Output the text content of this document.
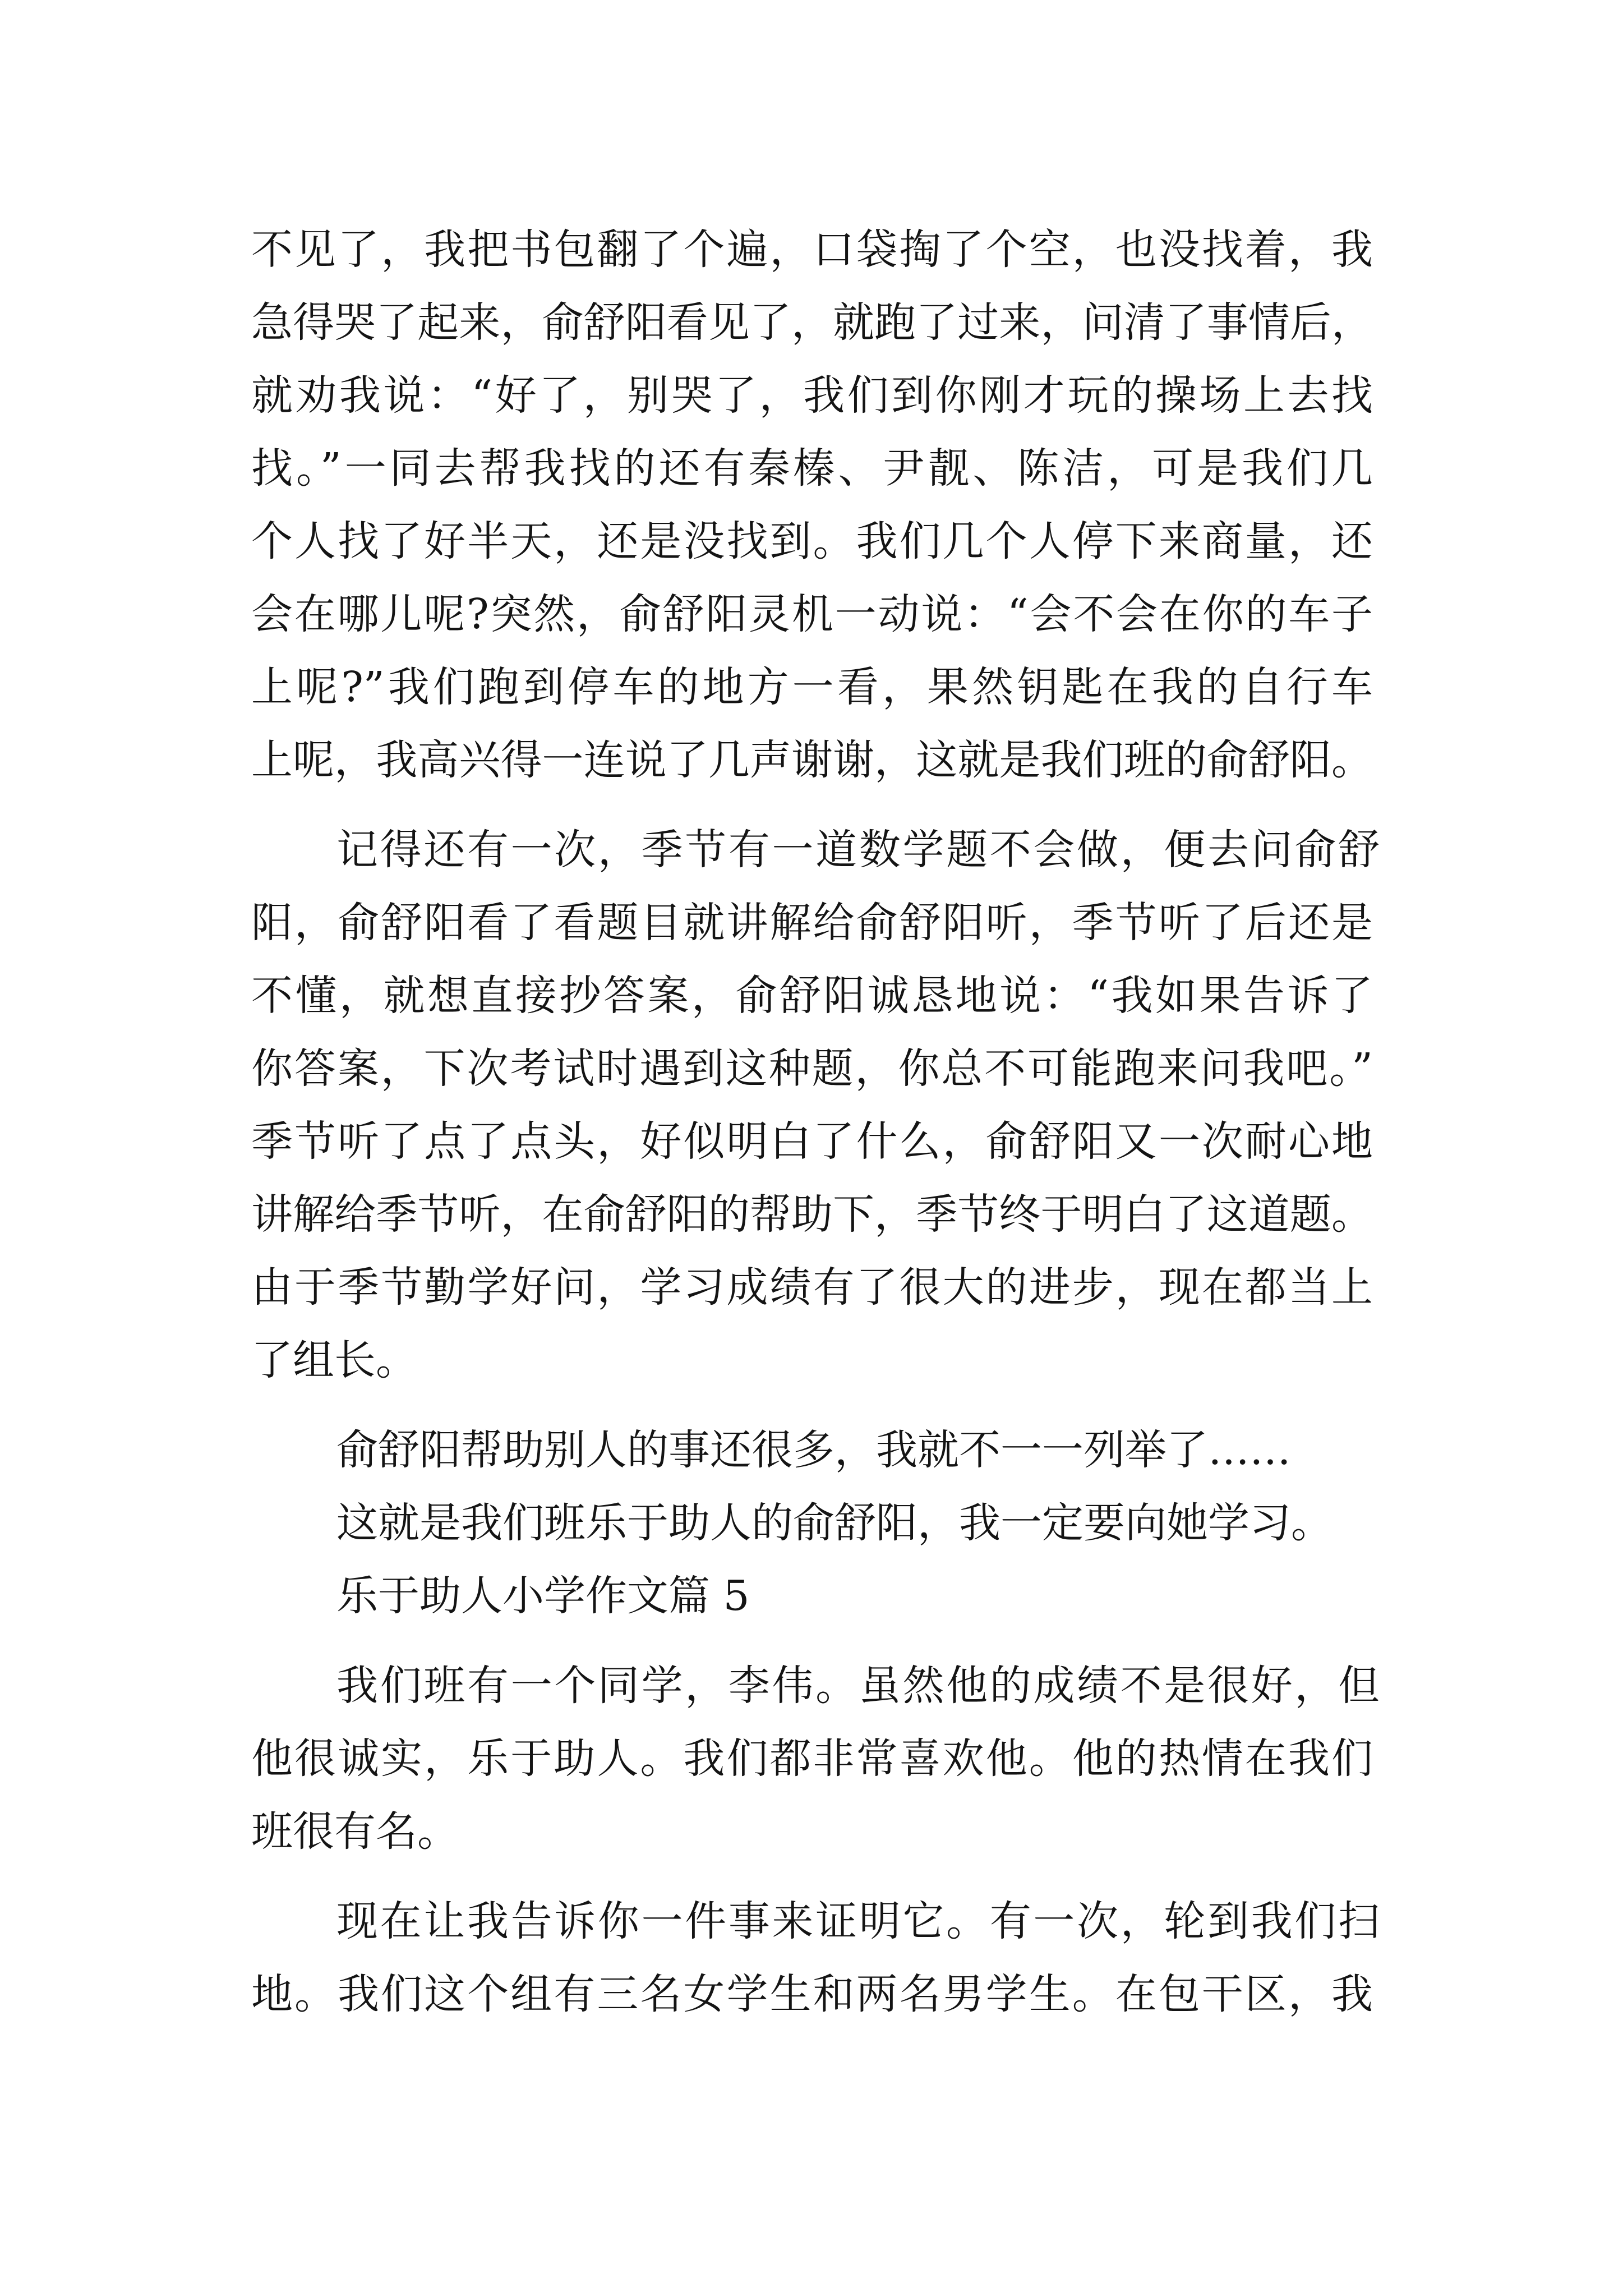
不见了，我把书包翻了个遍，口袋掏了个空，也没找着，我
急得哭了起来，俞舒阳看见了，就跑了过来，问清了事情后，
就劝我说：“好了，别哭了，我们到你刚才玩的操场上去找
找。”一同去帮我找的还有秦榛、尹靓、陈洁，可是我们几
个人找了好半天，还是没找到。我们几个人停下来商量，还
会在哪儿呢?突然，俞舒阳灵机一动说：“会不会在你的车子
上呢?”我们跑到停车的地方一看，果然钥匙在我的自行车
上呢，我高兴得一连说了几声谢谢，这就是我们班的俞舒阳。
记得还有一次，季节有一道数学题不会做，便去问俞舒
阳，俞舒阳看了看题目就讲解给俞舒阳听，季节听了后还是
不懂，就想直接抄答案，俞舒阳诚恳地说：“我如果告诉了
你答案，下次考试时遇到这种题，你总不可能跑来问我吧。”
季节听了点了点头，好似明白了什么，俞舒阳又一次耐心地
讲解给季节听，在俞舒阳的帮助下，季节终于明白了这道题。
由于季节勤学好问，学习成绩有了很大的进步，现在都当上
了组长。
俞舒阳帮助别人的事还很多，我就不一一列举了……
这就是我们班乐于助人的俞舒阳，我一定要向她学习。
乐于助人小学作文篇 5
我们班有一个同学，李伟。虽然他的成绩不是很好，但
他很诚实，乐于助人。我们都非常喜欢他。他的热情在我们
班很有名。
现在让我告诉你一件事来证明它。有一次，轮到我们扫
地。我们这个组有三名女学生和两名男学生。在包干区，我
